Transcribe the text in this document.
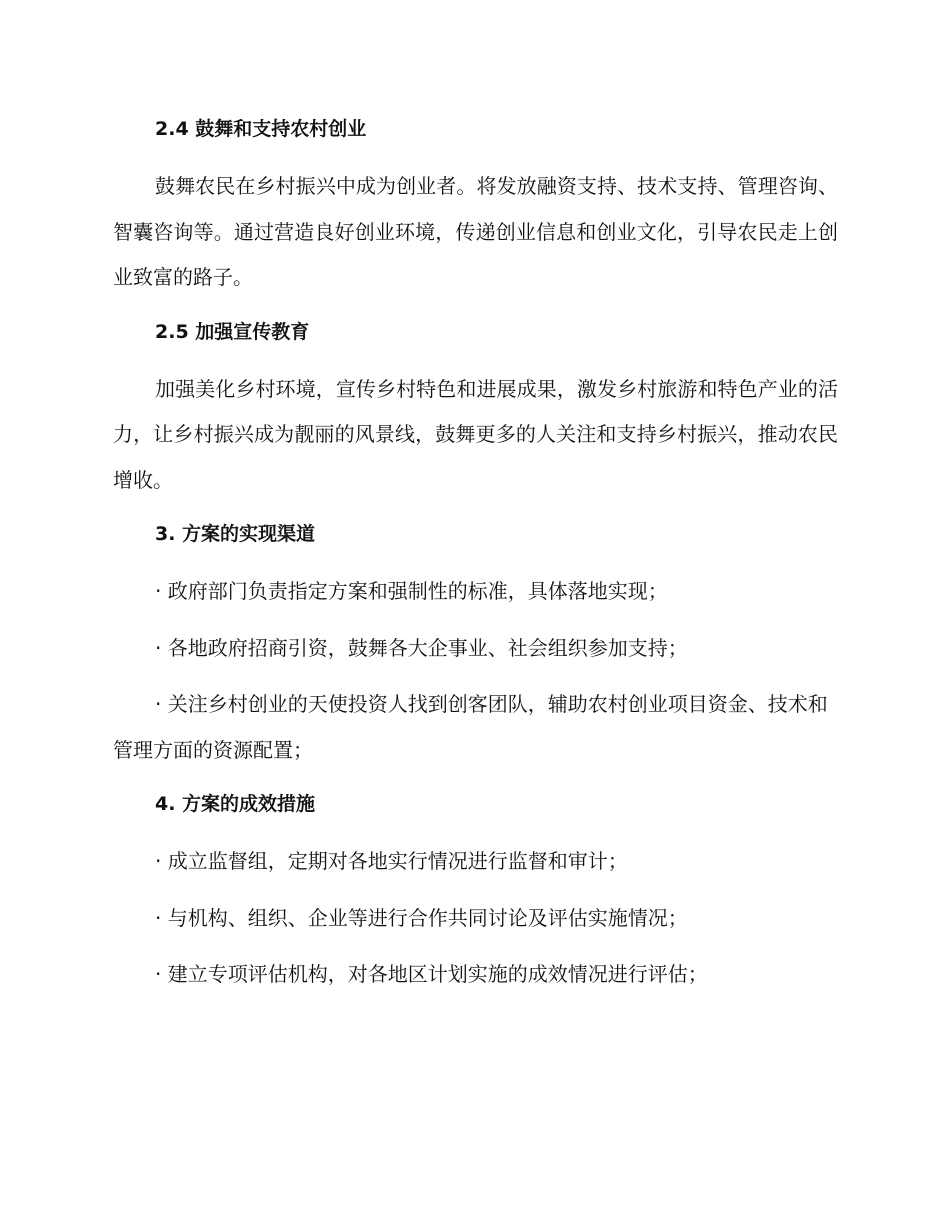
2.4 鼓舞和支持农村创业

鼓舞农民在乡村振兴中成为创业者。将发放融资支持、技术支持、管理咨询、智囊咨询等。通过营造良好创业环境，传递创业信息和创业文化，引导农民走上创业致富的路子。

2.5 加强宣传教育

加强美化乡村环境，宣传乡村特色和进展成果，激发乡村旅游和特色产业的活力，让乡村振兴成为靓丽的风景线，鼓舞更多的人关注和支持乡村振兴，推动农民增收。

3. 方案的实现渠道

· 政府部门负责指定方案和强制性的标准，具体落地实现；

· 各地政府招商引资，鼓舞各大企事业、社会组织参加支持；

· 关注乡村创业的天使投资人找到创客团队，辅助农村创业项目资金、技术和管理方面的资源配置；

4. 方案的成效措施

· 成立监督组，定期对各地实行情况进行监督和审计；

· 与机构、组织、企业等进行合作共同讨论及评估实施情况；

· 建立专项评估机构，对各地区计划实施的成效情况进行评估；
